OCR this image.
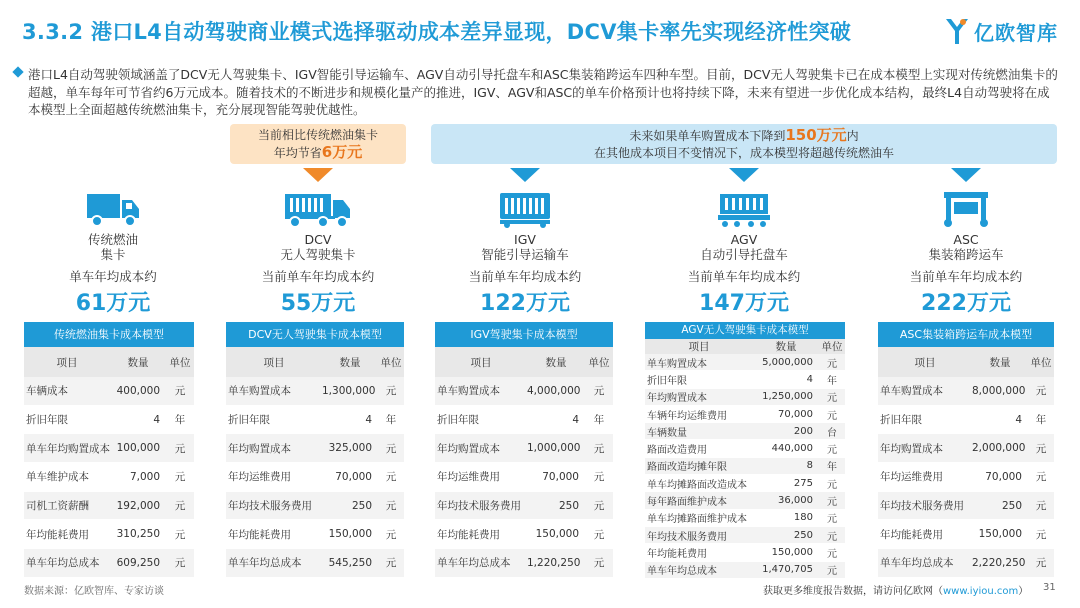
3.3.2 港口L4自动驾驶商业模式选择驱动成本差异显现，DCV集卡率先实现经济性突破	亿欧智库
港口L4自动驾驶领域涵盖了DCV无人驾驶集卡、IGV智能引导运输车、AGV自动引导托盘车和ASC集装箱跨运车四种车型。目前，DCV无人驾驶集卡已在成本模型上实现对传统燃油集卡的超越，单车每年可节省约6万元成本。随着技术的不断进步和规模化量产的推进，IGV、AGV和ASC的单车价格预计也将持续下降，未来有望进一步优化成本结构，最终L4自动驾驶将在成本模型上全面超越传统燃油集卡，充分展现智能驾驶优越性。
当前相比传统燃油集卡
年均节省6万元
未来如果单车购置成本下降到150万元内
在其他成本项目不变情况下，成本模型将超越传统燃油车
传统燃油
集卡
单车年均成本约
61万元
DCV
无人驾驶集卡
当前单车年均成本约
55万元
IGV
智能引导运输车
当前单车年均成本约
122万元
AGV
自动引导托盘车
当前单车年均成本约
147万元
ASC
集装箱跨运车
当前单车年均成本约
222万元
传统燃油集卡成本模型
项目	数量	单位
车辆成本	400,000	元
折旧年限	4	年
单车年均购置成本 100,000	元
单车维护成本	7,000	元
司机工资薪酬	192,000	元
年均能耗费用	310,250	元
单车年均总成本	609,250	元
DCV无人驾驶集卡成本模型
项目	数量	单位
单车购置成本	1,300,000 元
折旧年限	4	年
年均购置成本	325,000	元
年均运维费用	70,000	元
年均技术服务费用	250	元
年均能耗费用	150,000	元
单车年均总成本	545,250	元
IGV驾驶集卡成本模型
项目	数量	单位
单车购置成本	4,000,000	元
折旧年限	4	年
年均购置成本	1,000,000	元
年均运维费用	70,000	元
年均技术服务费用	250	元
年均能耗费用	150,000	元
单车年均总成本	1,220,250	元
AGV无人驾驶集卡成本模型
项目	数量	单位
单车购置成本	5,000,000	元
折旧年限	4	年
年均购置成本	1,250,000	元
车辆年均运维费用	70,000	元
车辆数量	200	台
路面改造费用	440,000	元
路面改造均摊年限	8	年
单车均摊路面改造成本	275	元
每年路面维护成本	36,000	元
单车均摊路面维护成本	180	元
年均技术服务费用	250	元
年均能耗费用	150,000	元
单车年均总成本	1,470,705	元
ASC集装箱跨运车成本模型
项目	数量	单位
单车购置成本	8,000,000 元
折旧年限	4	年
年均购置成本	2,000,000 元
年均运维费用	70,000	元
年均技术服务费用	250	元
年均能耗费用	150,000	元
单车年均总成本	2,220,250 元
数据来源：亿欧智库、专家访谈	获取更多维度报告数据，请访问亿欧网（www.iyiou.com） 31
